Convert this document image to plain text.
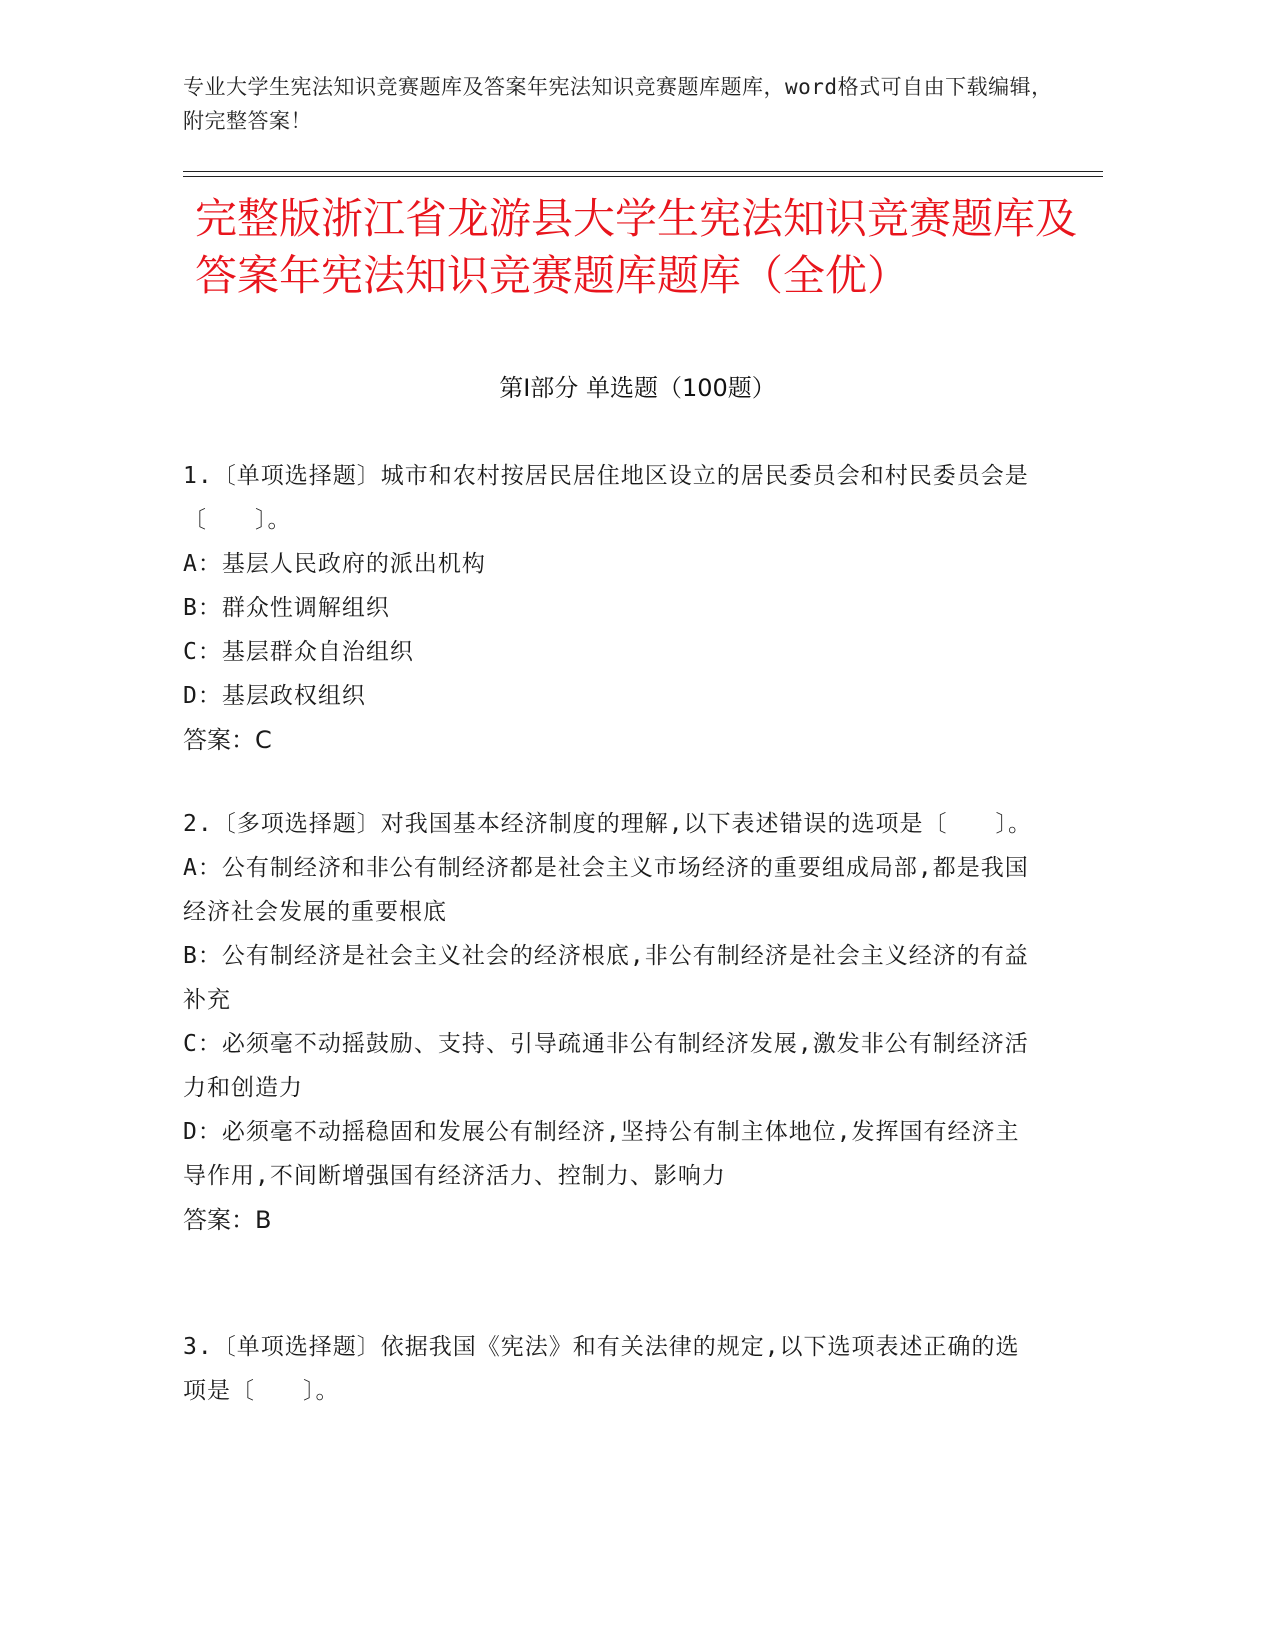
专业大学生宪法知识竞赛题库及答案年宪法知识竞赛题库题库，word格式可自由下载编辑，附完整答案！
完整版浙江省龙游县大学生宪法知识竞赛题库及答案年宪法知识竞赛题库题库（全优）
第Ⅰ部分 单选题（100题）

1.〔单项选择题〕城市和农村按居民居住地区设立的居民委员会和村民委员会是〔　　〕。

A：基层人民政府的派出机构

B：群众性调解组织

C：基层群众自治组织

D：基层政权组织

答案：C

2.〔多项选择题〕对我国基本经济制度的理解,以下表述错误的选项是〔　　〕。

A：公有制经济和非公有制经济都是社会主义市场经济的重要组成局部,都是我国经济社会发展的重要根底

B：公有制经济是社会主义社会的经济根底,非公有制经济是社会主义经济的有益补充

C：必须毫不动摇鼓励、支持、引导疏通非公有制经济发展,激发非公有制经济活力和创造力

D：必须毫不动摇稳固和发展公有制经济,坚持公有制主体地位,发挥国有经济主导作用,不间断增强国有经济活力、控制力、影响力

答案：B

3.〔单项选择题〕依据我国《宪法》和有关法律的规定,以下选项表述正确的选项是〔　　〕。
